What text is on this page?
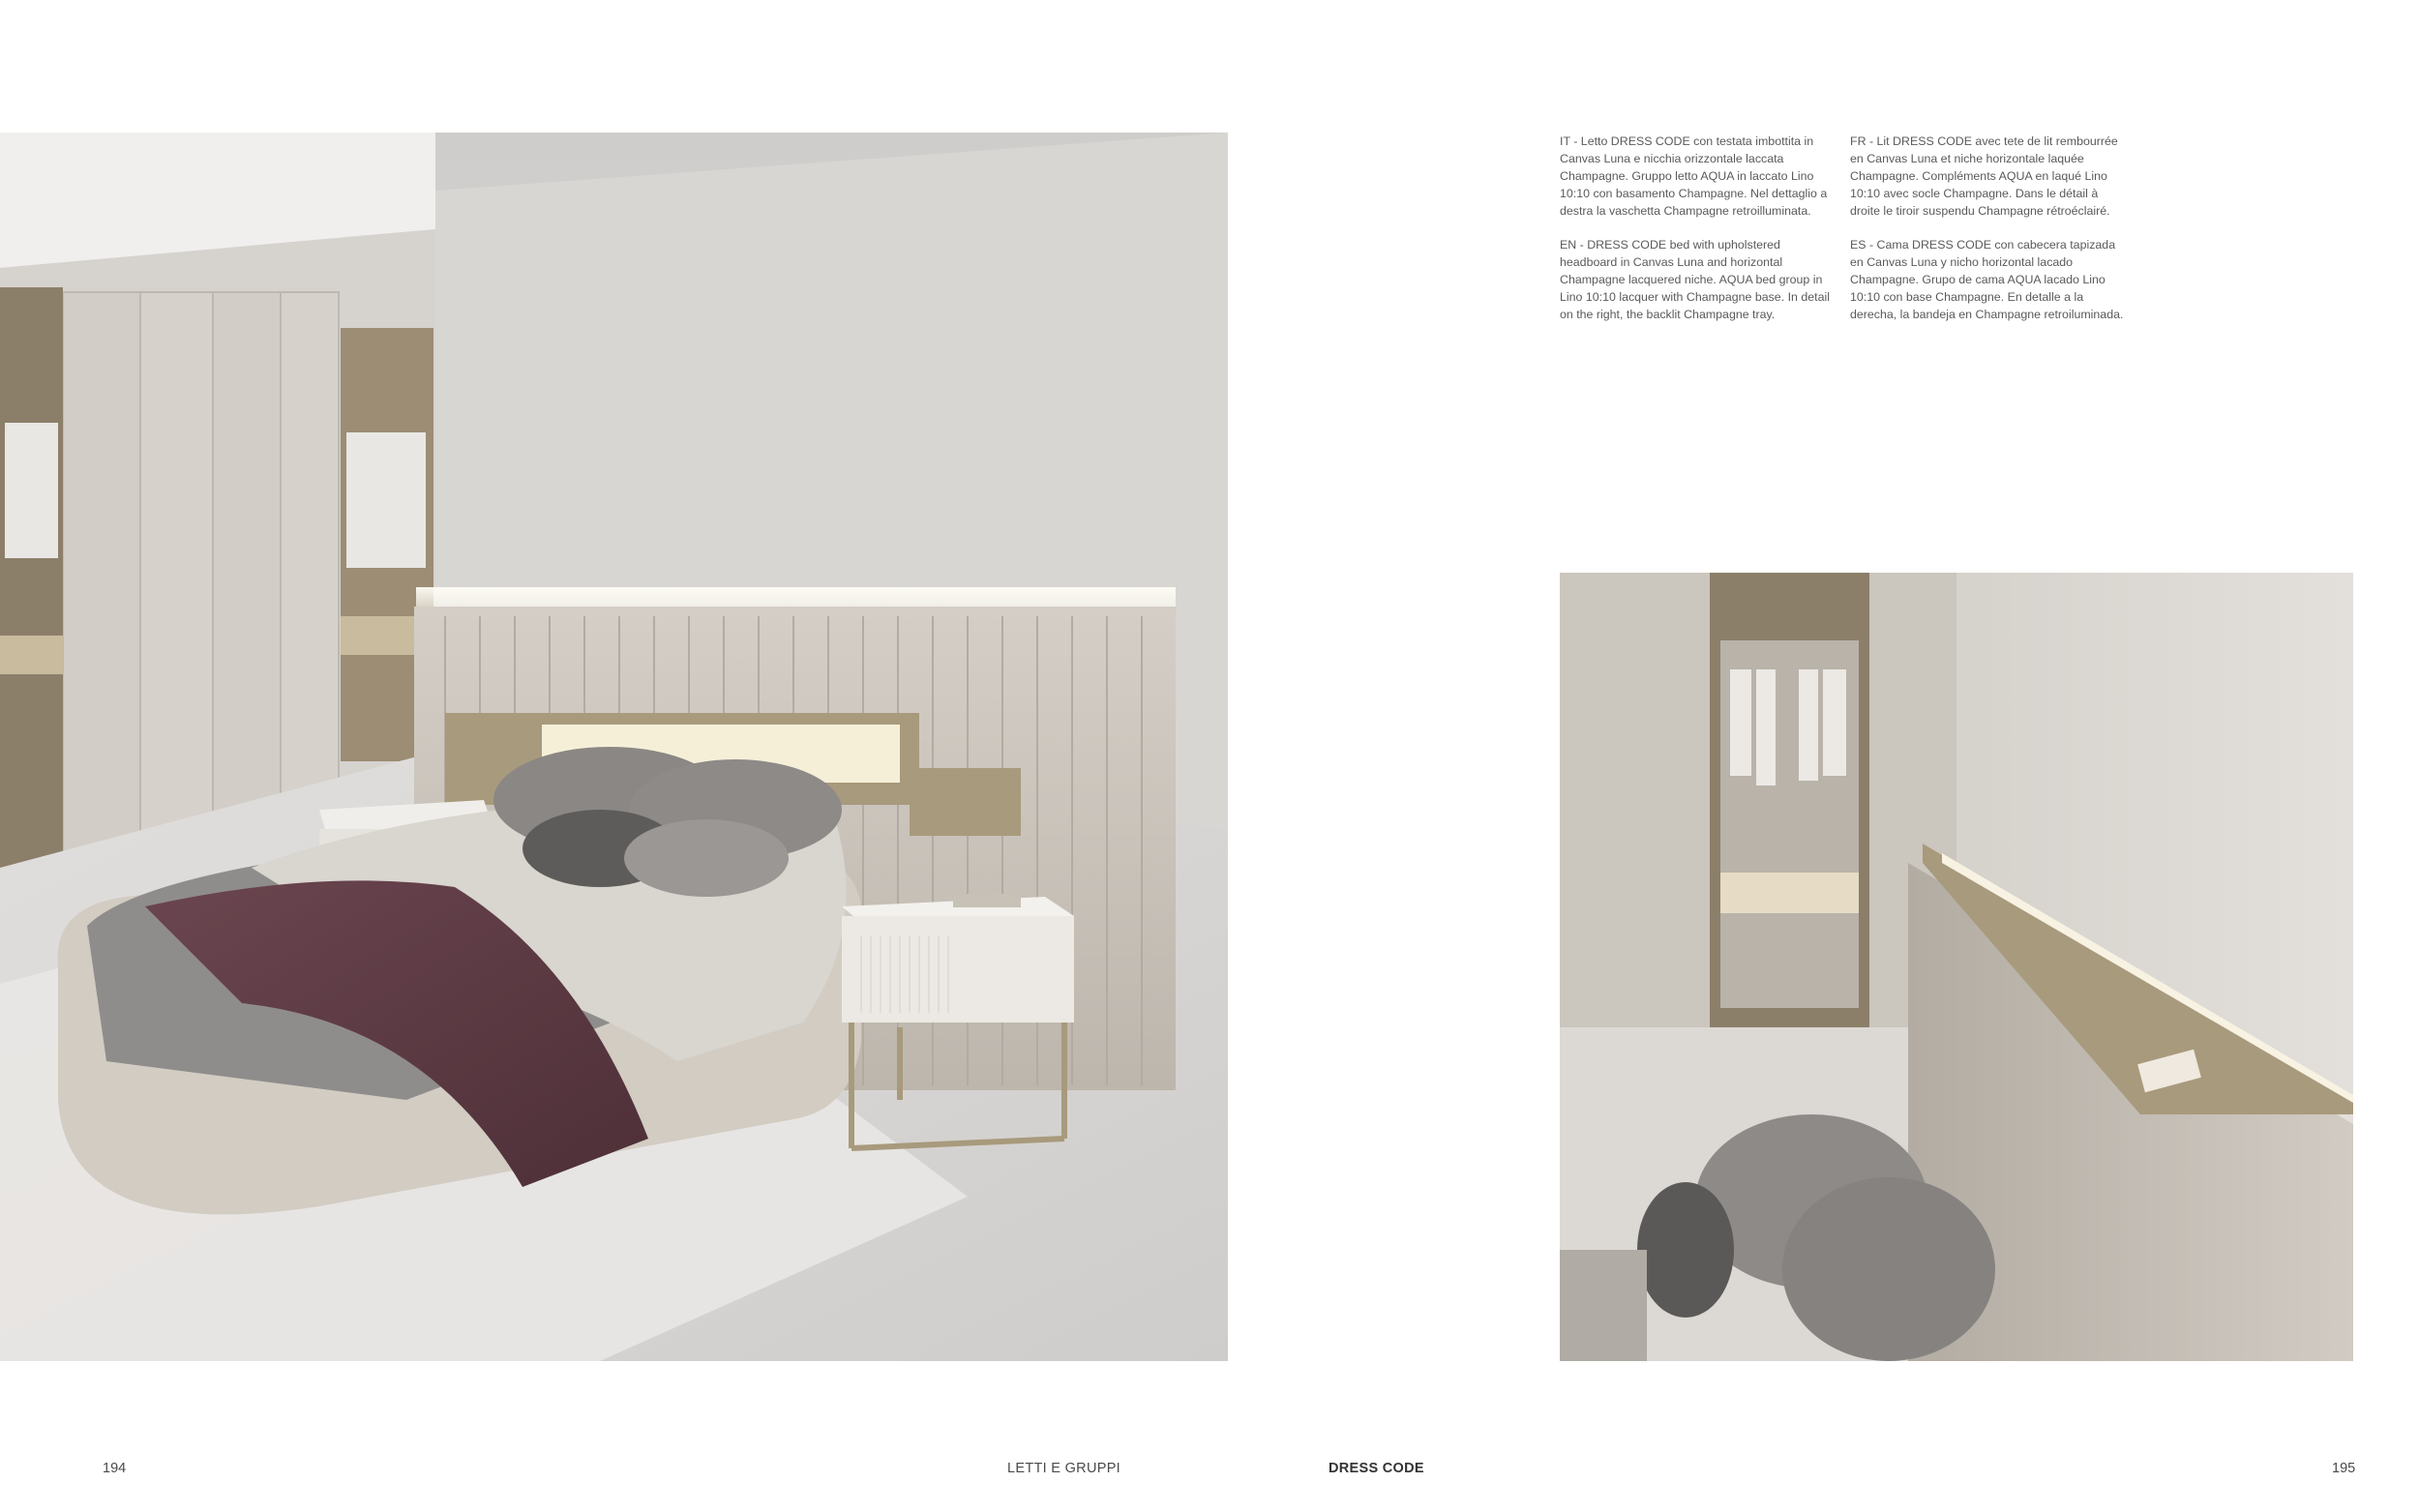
IT - Letto DRESS CODE con testata imbottita in Canvas Luna e nicchia orizzontale laccata Champagne. Gruppo letto AQUA in laccato Lino 10:10 con basamento Champagne. Nel dettaglio a destra la vaschetta Champagne retroilluminata.

EN - DRESS CODE bed with upholstered headboard in Canvas Luna and horizontal Champagne lacquered niche. AQUA bed group in Lino 10:10 lacquer with Champagne base. In detail on the right, the backlit Champagne tray.

FR - Lit DRESS CODE avec tete de lit rembourrée en Canvas Luna et niche horizontale laquée Champagne. Compléments AQUA en laqué Lino 10:10 avec socle Champagne. Dans le détail à droite le tiroir suspendu Champagne rétroéclairé.

ES - Cama DRESS CODE con cabecera tapizada en Canvas Luna y nicho horizontal lacado Champagne. Grupo de cama AQUA lacado Lino 10:10 con base Champagne. En detalle a la derecha, la bandeja en Champagne retroiluminada.

194	LETTI E GRUPPI	DRESS CODE	195
